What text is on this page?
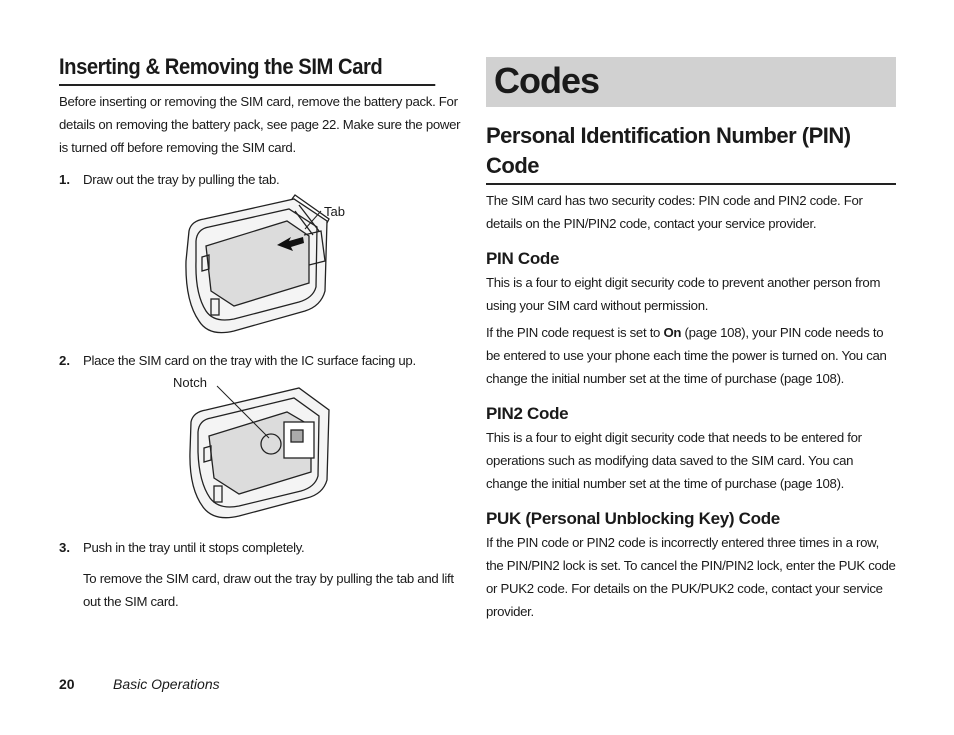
Inserting & Removing the SIM Card

Before inserting or removing the SIM card, remove the battery pack. For details on removing the battery pack, see page 22. Make sure the power is turned off before removing the SIM card.

1. Draw out the tray by pulling the tab.

Tab
2. Place the SIM card on the tray with the IC surface facing up.

Notch
3. Push in the tray until it stops completely.

To remove the SIM card, draw out the tray by pulling the tab and lift out the SIM card.

Codes
Personal Identification Number (PIN) Code

The SIM card has two security codes: PIN code and PIN2 code. For details on the PIN/PIN2 code, contact your service provider.

PIN Code

This is a four to eight digit security code to prevent another person from using your SIM card without permission.

If the PIN code request is set to On (page 108), your PIN code needs to be entered to use your phone each time the power is turned on. You can change the initial number set at the time of purchase (page 108).

PIN2 Code

This is a four to eight digit security code that needs to be entered for operations such as modifying data saved to the SIM card. You can change the initial number set at the time of purchase (page 108).

PUK (Personal Unblocking Key) Code

If the PIN code or PIN2 code is incorrectly entered three times in a row, the PIN/PIN2 lock is set. To cancel the PIN/PIN2 lock, enter the PUK code or PUK2 code. For details on the PUK/PUK2 code, contact your service provider.

20	Basic Operations
